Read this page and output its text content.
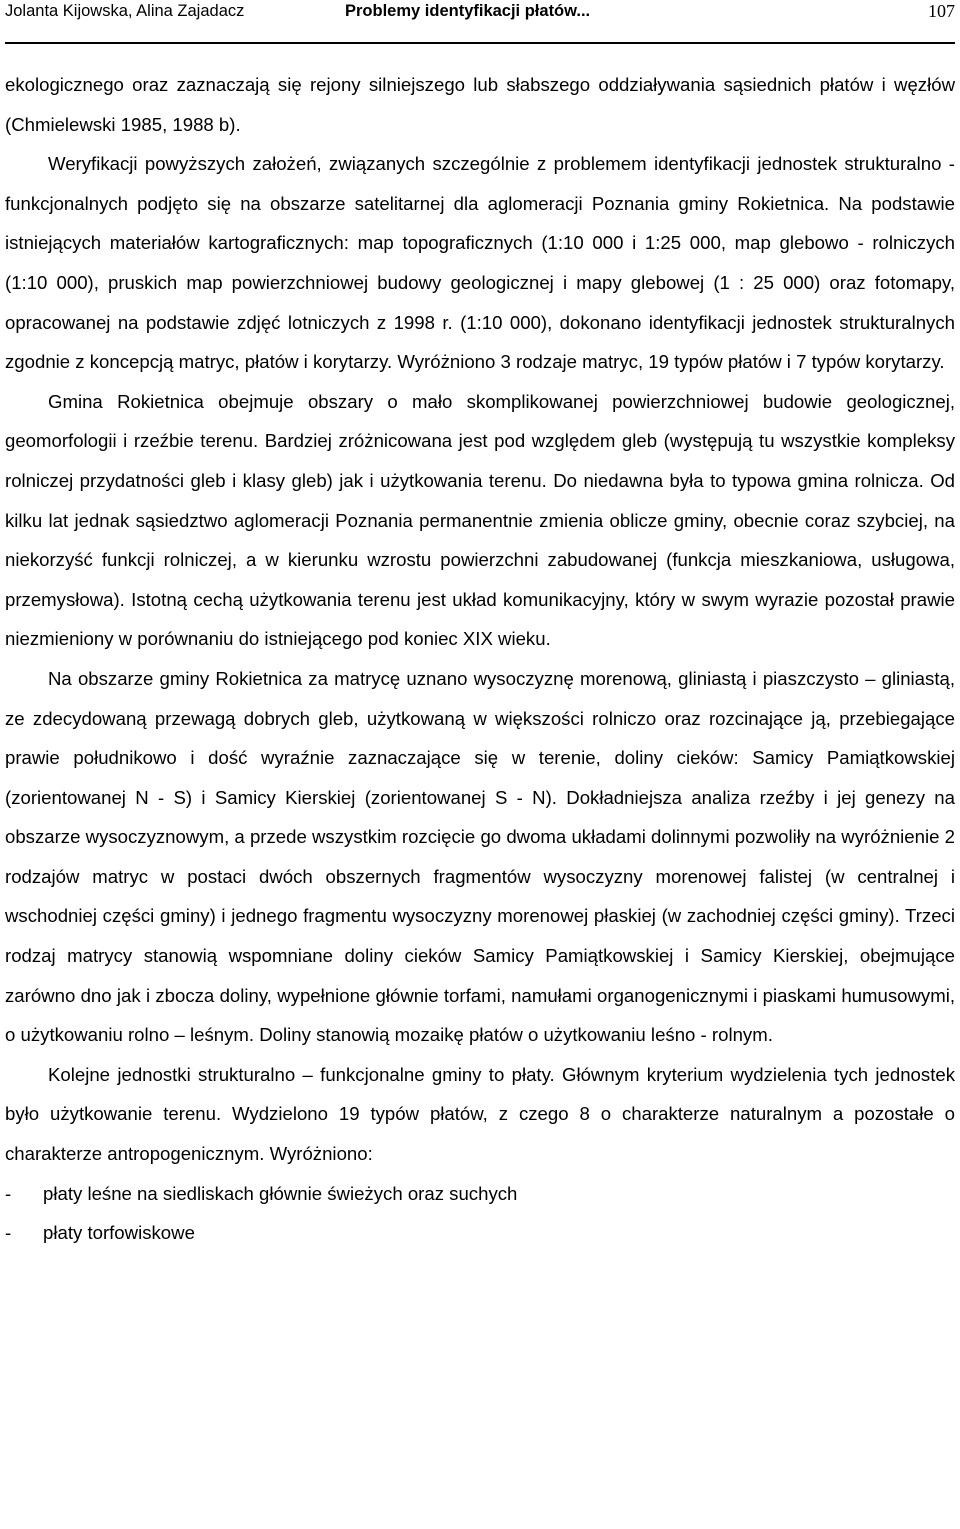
Jolanta Kijowska, Alina Zajadacz	Problemy identyfikacji płatów...	107

ekologicznego oraz zaznaczają się rejony silniejszego lub słabszego oddziaływania sąsiednich płatów i węzłów (Chmielewski 1985, 1988 b).

Weryfikacji powyższych założeń, związanych szczególnie z problemem identyfikacji jednostek strukturalno - funkcjonalnych podjęto się na obszarze satelitarnej dla aglomeracji Poznania gminy Rokietnica. Na podstawie istniejących materiałów kartograficznych: map topograficznych (1:10 000 i 1:25 000, map glebowo - rolniczych (1:10 000), pruskich map powierzchniowej budowy geologicznej i mapy glebowej (1 : 25 000) oraz fotomapy, opracowanej na podstawie zdjęć lotniczych z 1998 r. (1:10 000), dokonano identyfikacji jednostek strukturalnych zgodnie z koncepcją matryc, płatów i korytarzy. Wyróżniono 3 rodzaje matryc, 19 typów płatów i 7 typów korytarzy.

Gmina Rokietnica obejmuje obszary o mało skomplikowanej powierzchniowej budowie geologicznej, geomorfologii i rzeźbie terenu. Bardziej zróżnicowana jest pod względem gleb (występują tu wszystkie kompleksy rolniczej przydatności gleb i klasy gleb) jak i użytkowania terenu. Do niedawna była to typowa gmina rolnicza. Od kilku lat jednak sąsiedztwo aglomeracji Poznania permanentnie zmienia oblicze gminy, obecnie coraz szybciej, na niekorzyść funkcji rolniczej, a w kierunku wzrostu powierzchni zabudowanej (funkcja mieszkaniowa, usługowa, przemysłowa). Istotną cechą użytkowania terenu jest układ komunikacyjny, który w swym wyrazie pozostał prawie niezmieniony w porównaniu do istniejącego pod koniec XIX wieku.

Na obszarze gminy Rokietnica za matrycę uznano wysoczyznę morenową, gliniastą i piaszczysto – gliniastą, ze zdecydowaną przewagą dobrych gleb, użytkowaną w większości rolniczo oraz rozcinające ją, przebiegające prawie południkowo i dość wyraźnie zaznaczające się w terenie, doliny cieków: Samicy Pamiątkowskiej (zorientowanej N - S) i Samicy Kierskiej (zorientowanej S - N). Dokładniejsza analiza rzeźby i jej genezy na obszarze wysoczyznowym, a przede wszystkim rozcięcie go dwoma układami dolinnymi pozwoliły na wyróżnienie 2 rodzajów matryc w postaci dwóch obszernych fragmentów wysoczyzny morenowej falistej (w centralnej i wschodniej części gminy) i jednego fragmentu wysoczyzny morenowej płaskiej (w zachodniej części gminy). Trzeci rodzaj matrycy stanowią wspomniane doliny cieków Samicy Pamiątkowskiej i Samicy Kierskiej, obejmujące zarówno dno jak i zbocza doliny, wypełnione głównie torfami, namułami organogenicznymi i piaskami humusowymi, o użytkowaniu rolno – leśnym. Doliny stanowią mozaikę płatów o użytkowaniu leśno - rolnym.

Kolejne jednostki strukturalno – funkcjonalne gminy to płaty. Głównym kryterium wydzielenia tych jednostek było użytkowanie terenu. Wydzielono 19 typów płatów, z czego 8 o charakterze naturalnym a pozostałe o charakterze antropogenicznym. Wyróżniono:

- płaty leśne na siedliskach głównie świeżych oraz suchych
- płaty torfowiskowe
